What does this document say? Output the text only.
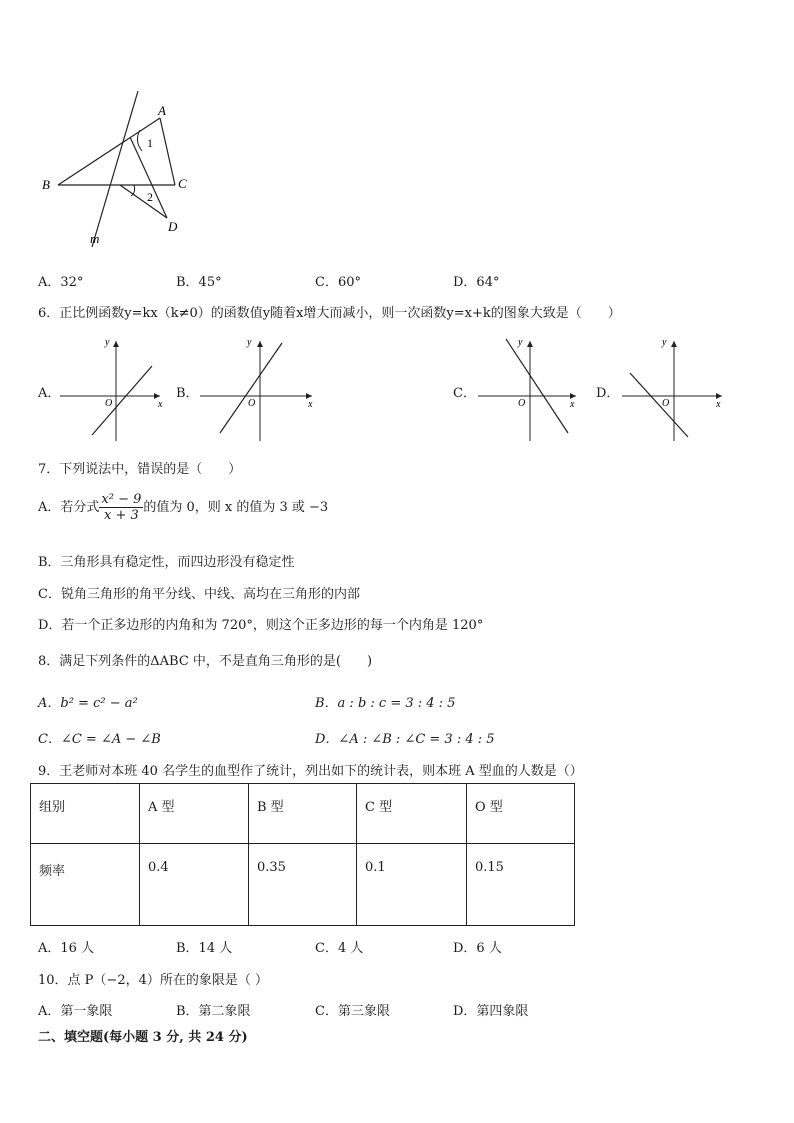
A
B	C
D
m
1
2
A．32°	B．45°	C．60°	D．64°
6．正比例函数y=kx（k≠0）的函数值y随着x增大而减小，则一次函数y=x+k的图象大致是（　　）
A．
y
x
O
B．
y
x
O
C．
y
x
O
D．
y
x
O
7．下列说法中，错误的是（　　）
A．若分式 $\frac{\text{x² − 9}}{x + 3}$ 的值为 0，则 x 的值为 3 或 −3
B．三角形具有稳定性，而四边形没有稳定性
C．锐角三角形的角平分线、中线、高均在三角形的内部
D．若一个正多边形的内角和为 720°，则这个正多边形的每一个内角是 120°
8．满足下列条件的ΔABC 中，不是直角三角形的是(　　)
A．b² = c² − a²	B．a : b : c = 3 : 4 : 5
C．∠C = ∠A − ∠B	D．∠A : ∠B : ∠C = 3 : 4 : 5
9．王老师对本班 40 名学生的血型作了统计，列出如下的统计表，则本班 A 型血的人数是（）
组别	A 型	B 型	C 型	O 型
频率	0.4	0.35	0.1	0.15
A．16 人	B．14 人	C．4 人	D．6 人
10．点 P（−2，4）所在的象限是（ ）
A．第一象限	B．第二象限	C．第三象限	D．第四象限
二、填空题(每小题 3 分, 共 24 分)
